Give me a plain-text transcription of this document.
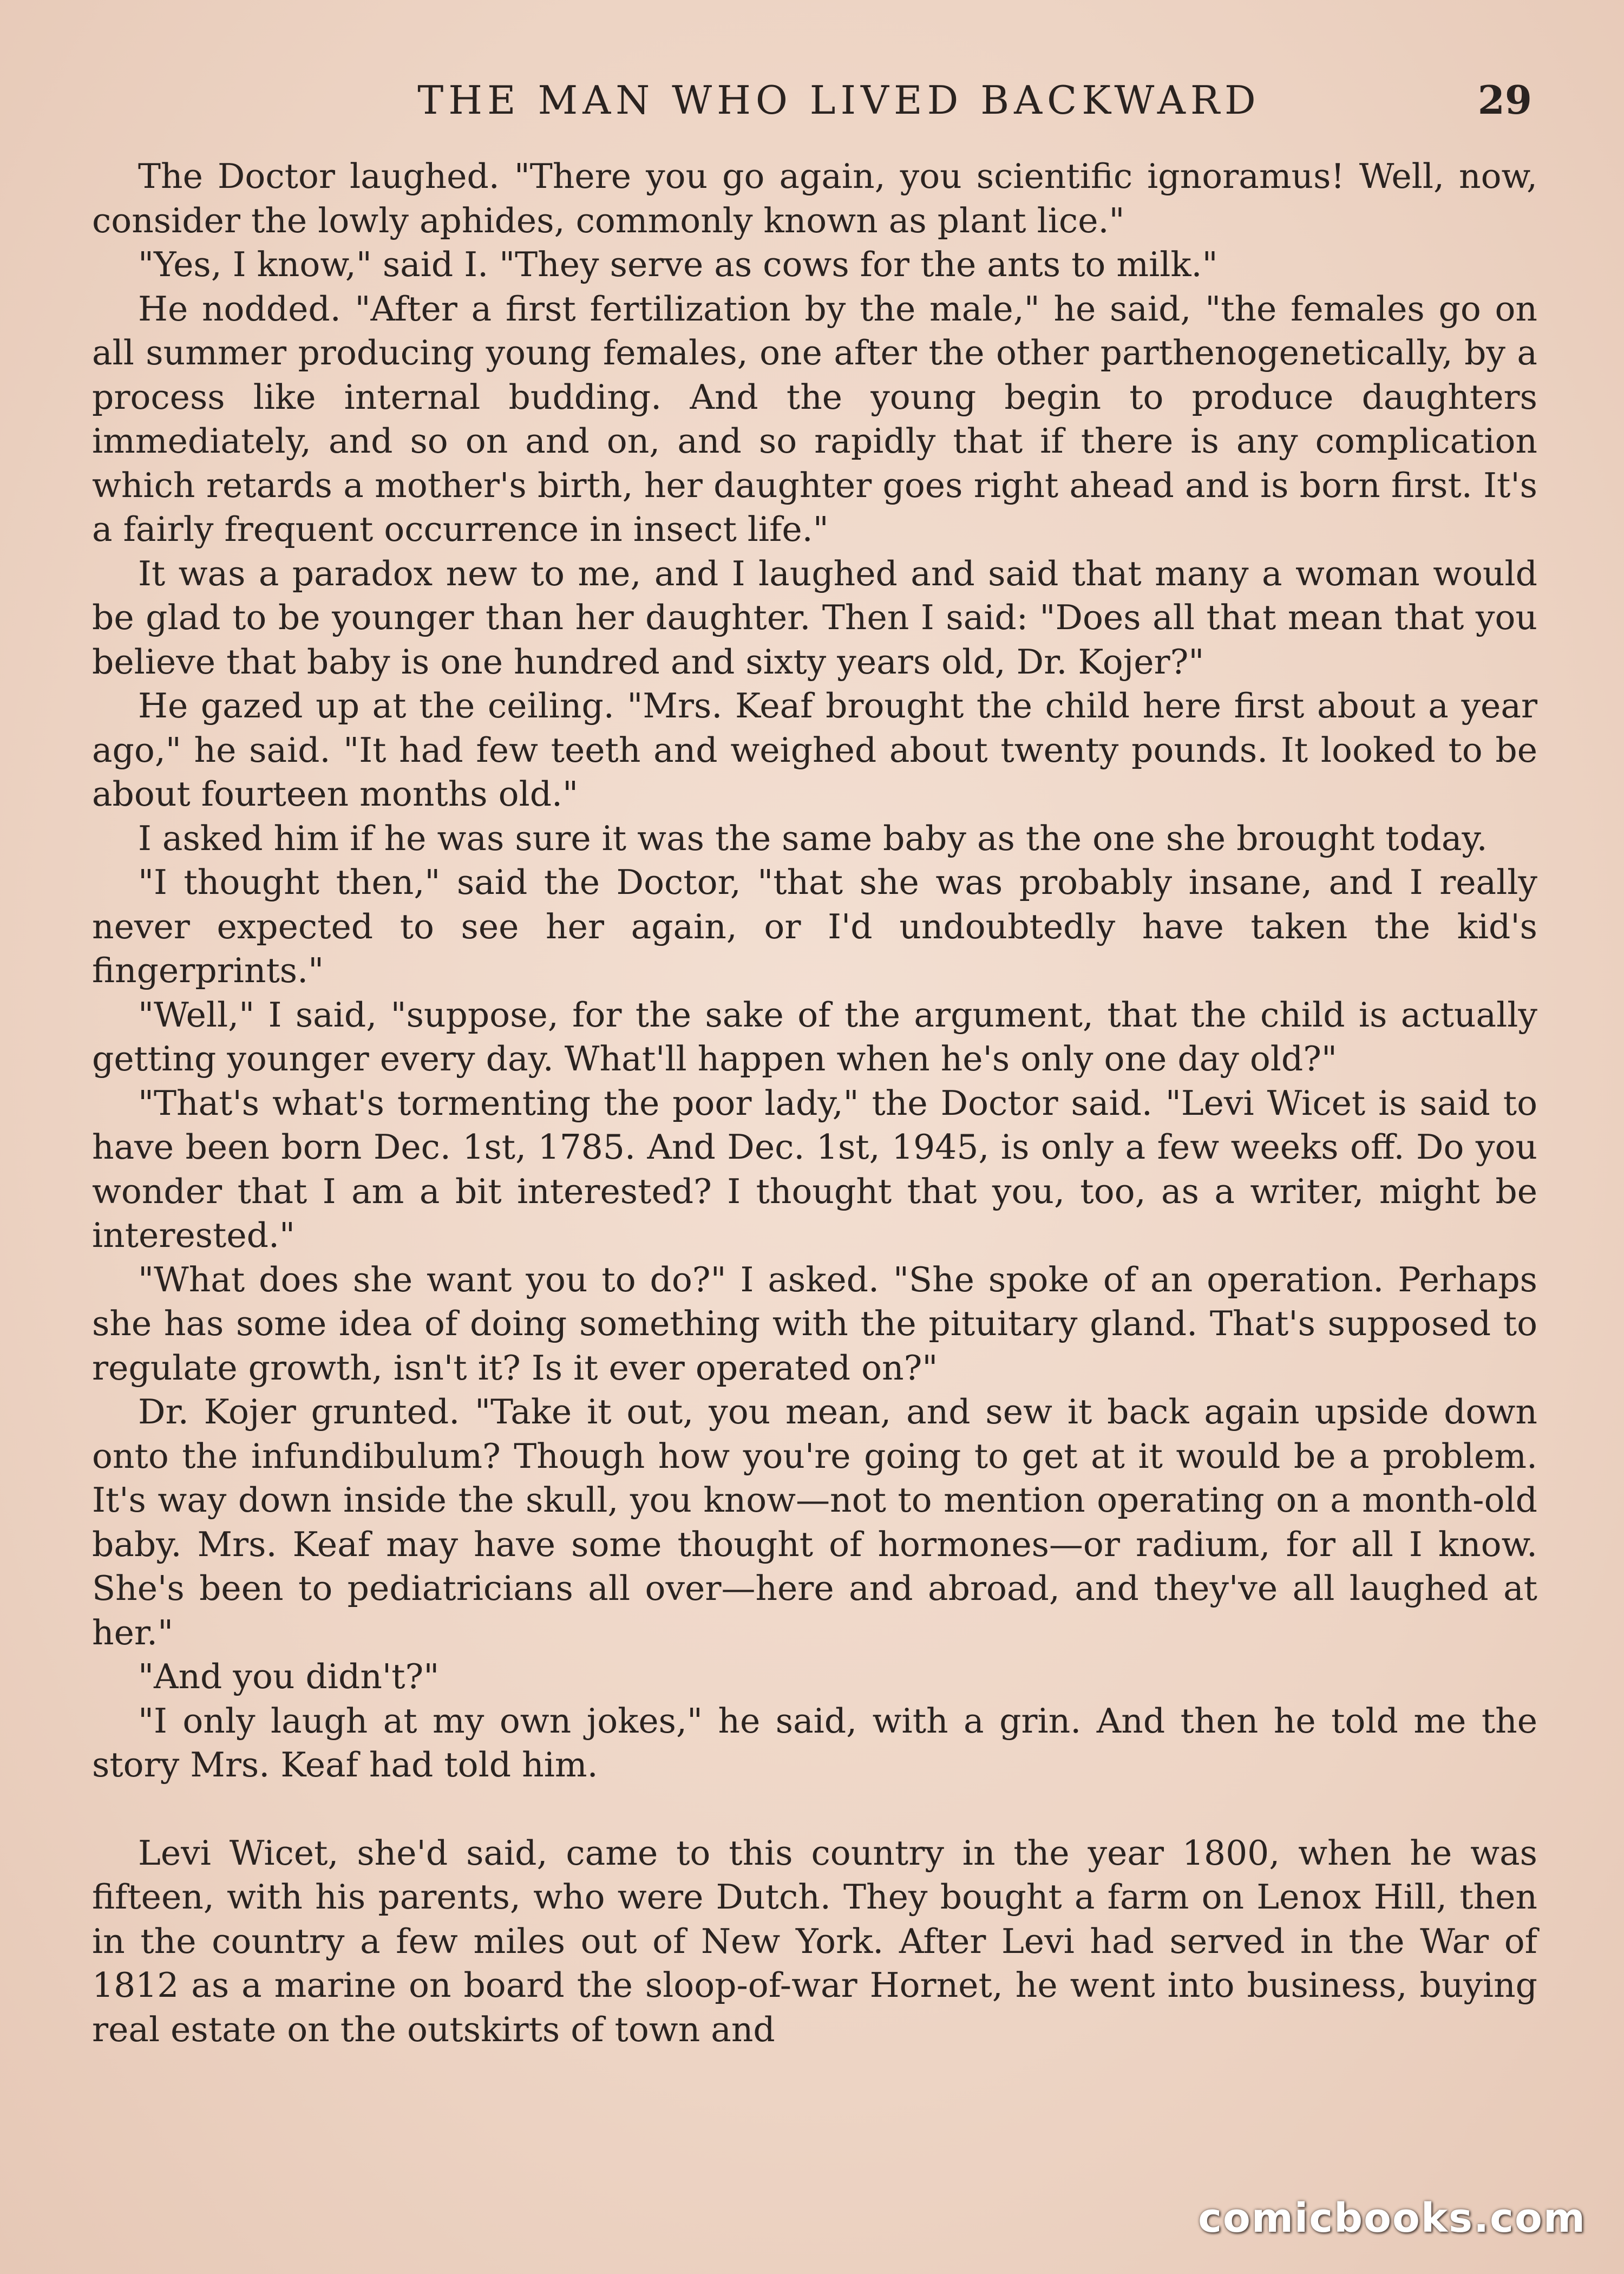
THE MAN WHO LIVED BACKWARD	29

The Doctor laughed. "There you go again, you scientific ignoramus! Well, now, consider the lowly aphides, commonly known as plant lice."

"Yes, I know," said I. "They serve as cows for the ants to milk."

He nodded. "After a first fertilization by the male," he said, "the females go on all summer producing young females, one after the other parthenogenetically, by a process like internal budding. And the young begin to produce daughters immediately, and so on and on, and so rapidly that if there is any complication which retards a mother's birth, her daughter goes right ahead and is born first. It's a fairly frequent occurrence in insect life."

It was a paradox new to me, and I laughed and said that many a woman would be glad to be younger than her daughter. Then I said: "Does all that mean that you believe that baby is one hundred and sixty years old, Dr. Kojer?"

He gazed up at the ceiling. "Mrs. Keaf brought the child here first about a year ago," he said. "It had few teeth and weighed about twenty pounds. It looked to be about fourteen months old."

I asked him if he was sure it was the same baby as the one she brought today.

"I thought then," said the Doctor, "that she was probably insane, and I really never expected to see her again, or I'd undoubtedly have taken the kid's fingerprints."

"Well," I said, "suppose, for the sake of the argument, that the child is actually getting younger every day. What'll happen when he's only one day old?"

"That's what's tormenting the poor lady," the Doctor said. "Levi Wicet is said to have been born Dec. 1st, 1785. And Dec. 1st, 1945, is only a few weeks off. Do you wonder that I am a bit interested? I thought that you, too, as a writer, might be interested."

"What does she want you to do?" I asked. "She spoke of an operation. Perhaps she has some idea of doing something with the pituitary gland. That's supposed to regulate growth, isn't it? Is it ever operated on?"

Dr. Kojer grunted. "Take it out, you mean, and sew it back again upside down onto the infundibulum? Though how you're going to get at it would be a problem. It's way down inside the skull, you know—not to mention operating on a month-old baby. Mrs. Keaf may have some thought of hormones—or radium, for all I know. She's been to pediatricians all over—here and abroad, and they've all laughed at her."

"And you didn't?"

"I only laugh at my own jokes," he said, with a grin. And then he told me the story Mrs. Keaf had told him.

Levi Wicet, she'd said, came to this country in the year 1800, when he was fifteen, with his parents, who were Dutch. They bought a farm on Lenox Hill, then in the country a few miles out of New York. After Levi had served in the War of 1812 as a marine on board the sloop-of-war Hornet, he went into business, buying real estate on the outskirts of town and

comicbooks.com
